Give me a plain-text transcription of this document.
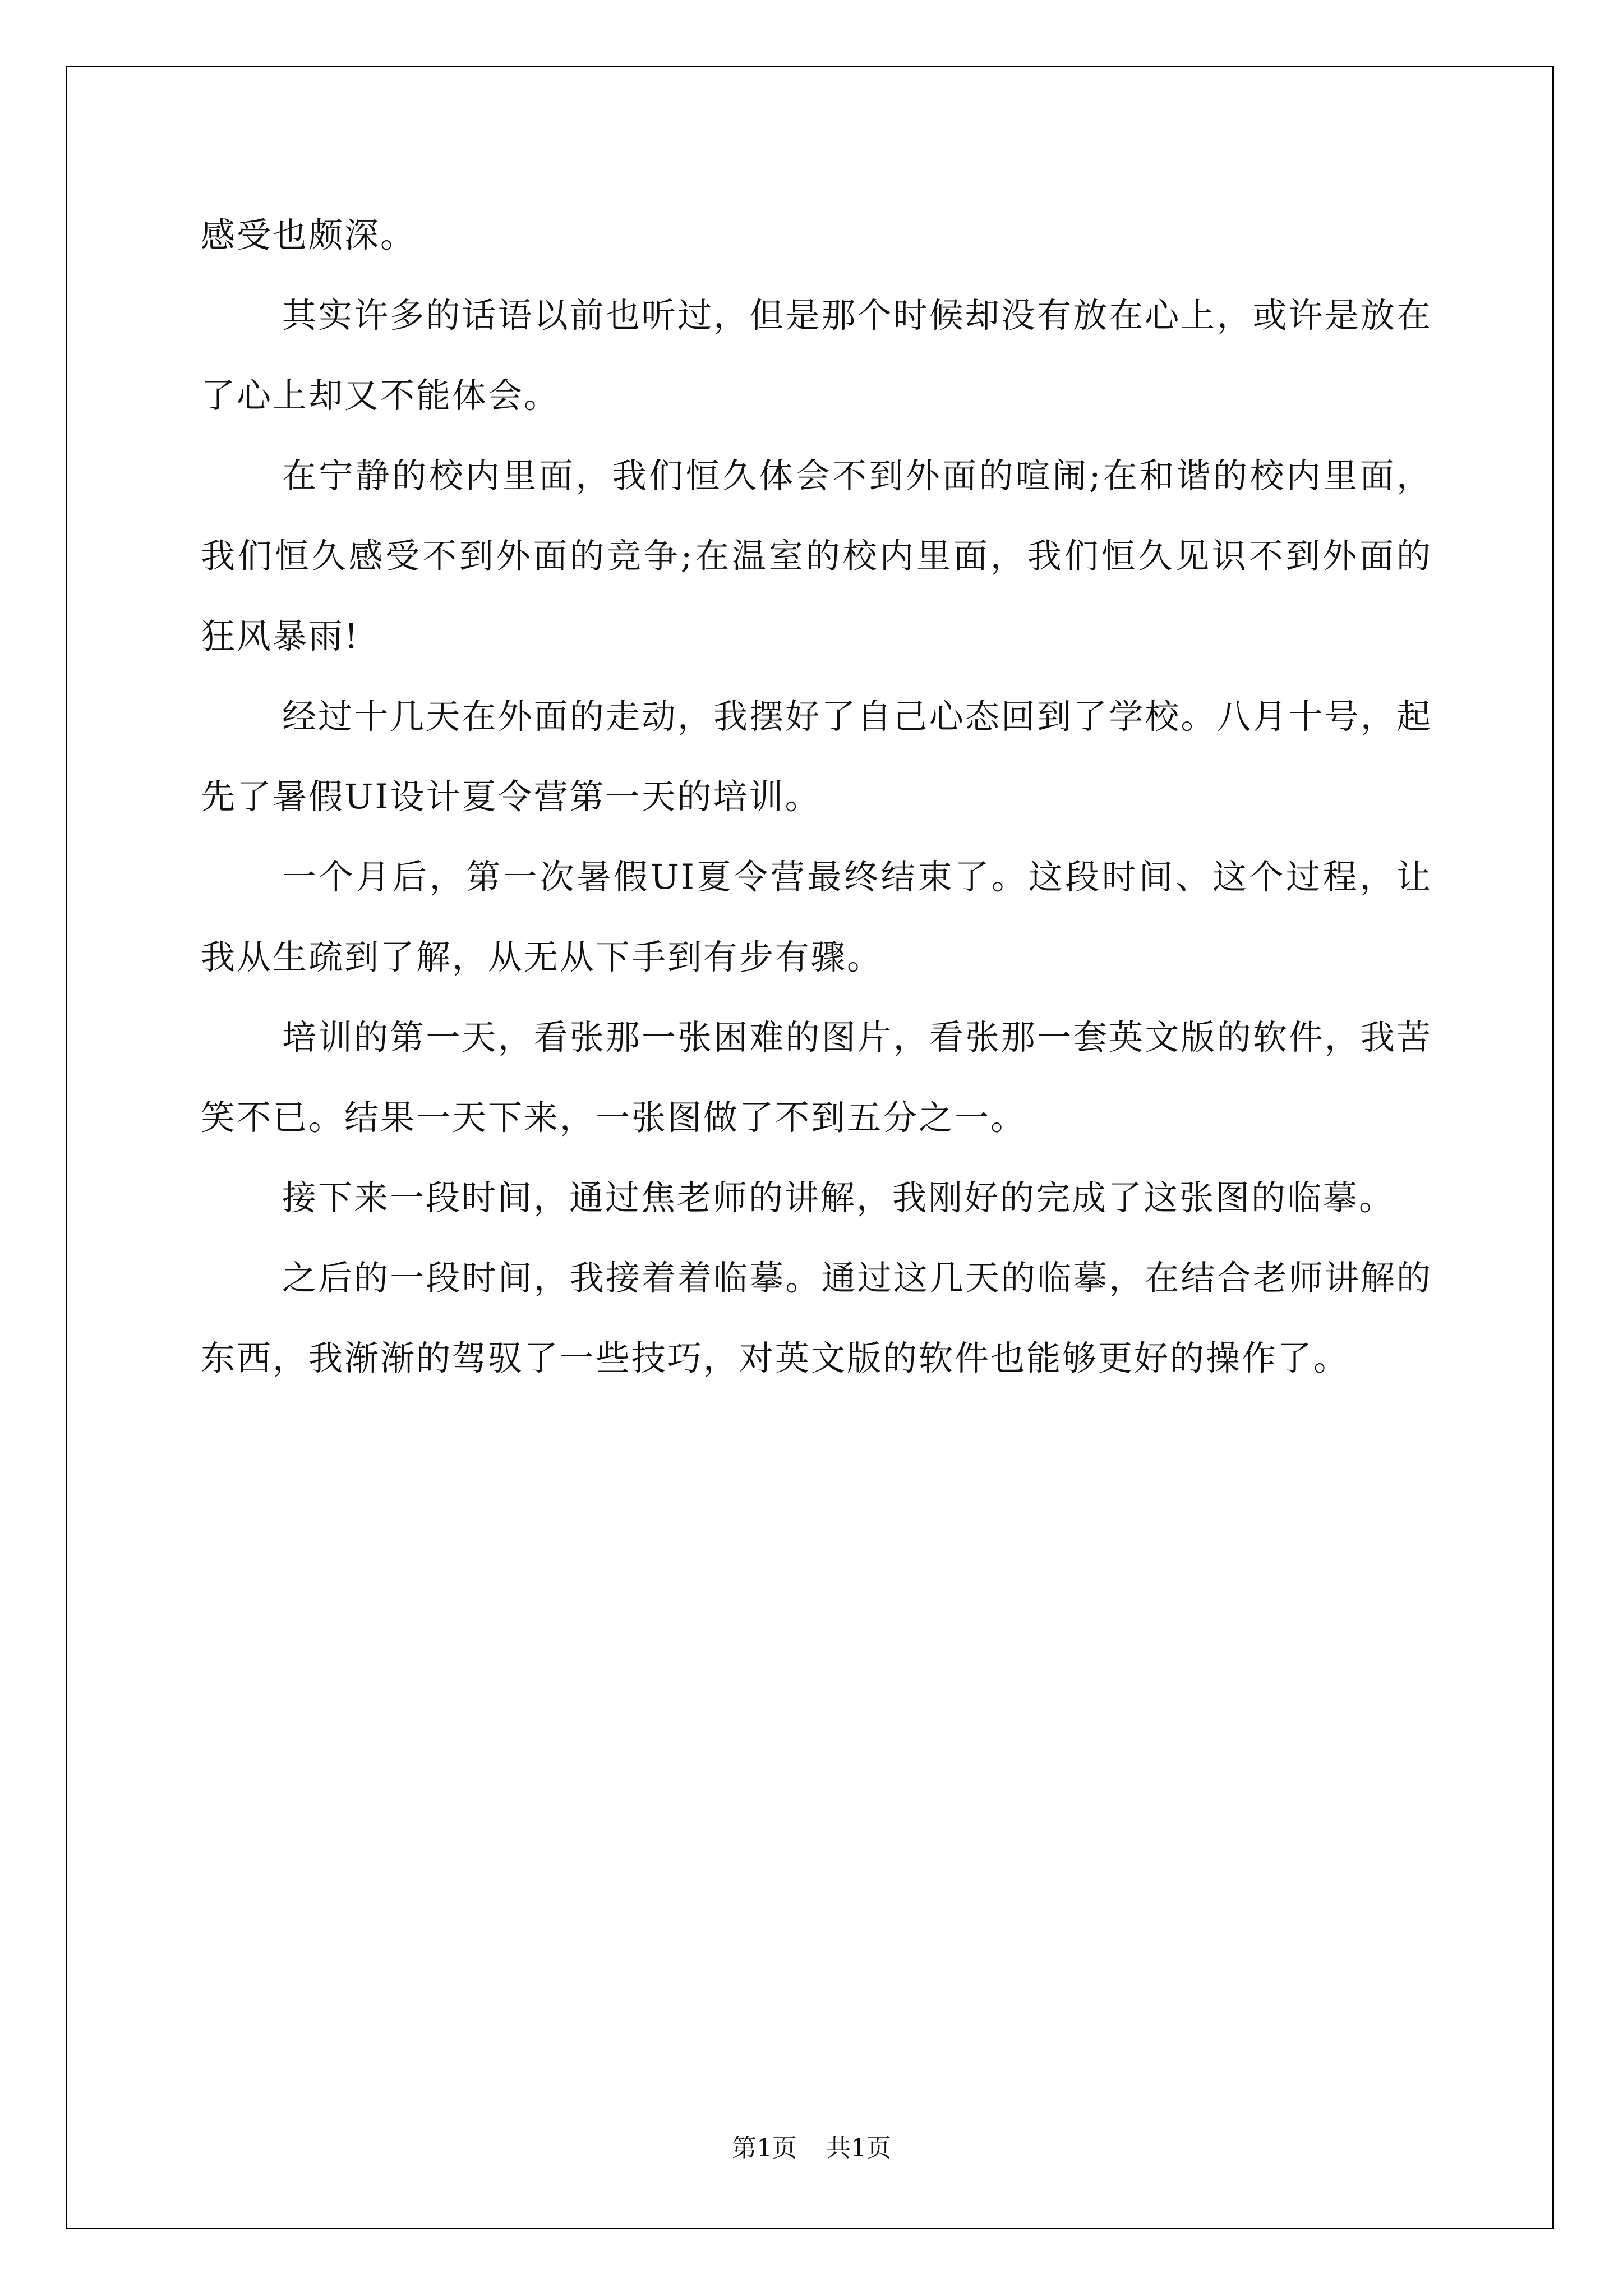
感受也颇深。

其实许多的话语以前也听过，但是那个时候却没有放在心上，或许是放在了心上却又不能体会。

在宁静的校内里面，我们恒久体会不到外面的喧闹;在和谐的校内里面，我们恒久感受不到外面的竞争;在温室的校内里面，我们恒久见识不到外面的狂风暴雨!

经过十几天在外面的走动，我摆好了自己心态回到了学校。八月十号，起先了暑假UI设计夏令营第一天的培训。

一个月后，第一次暑假UI夏令营最终结束了。这段时间、这个过程，让我从生疏到了解，从无从下手到有步有骤。

培训的第一天，看张那一张困难的图片，看张那一套英文版的软件，我苦笑不已。结果一天下来，一张图做了不到五分之一。

接下来一段时间，通过焦老师的讲解，我刚好的完成了这张图的临摹。

之后的一段时间，我接着着临摹。通过这几天的临摹，在结合老师讲解的东西，我渐渐的驾驭了一些技巧，对英文版的软件也能够更好的操作了。

第1页 共1页
